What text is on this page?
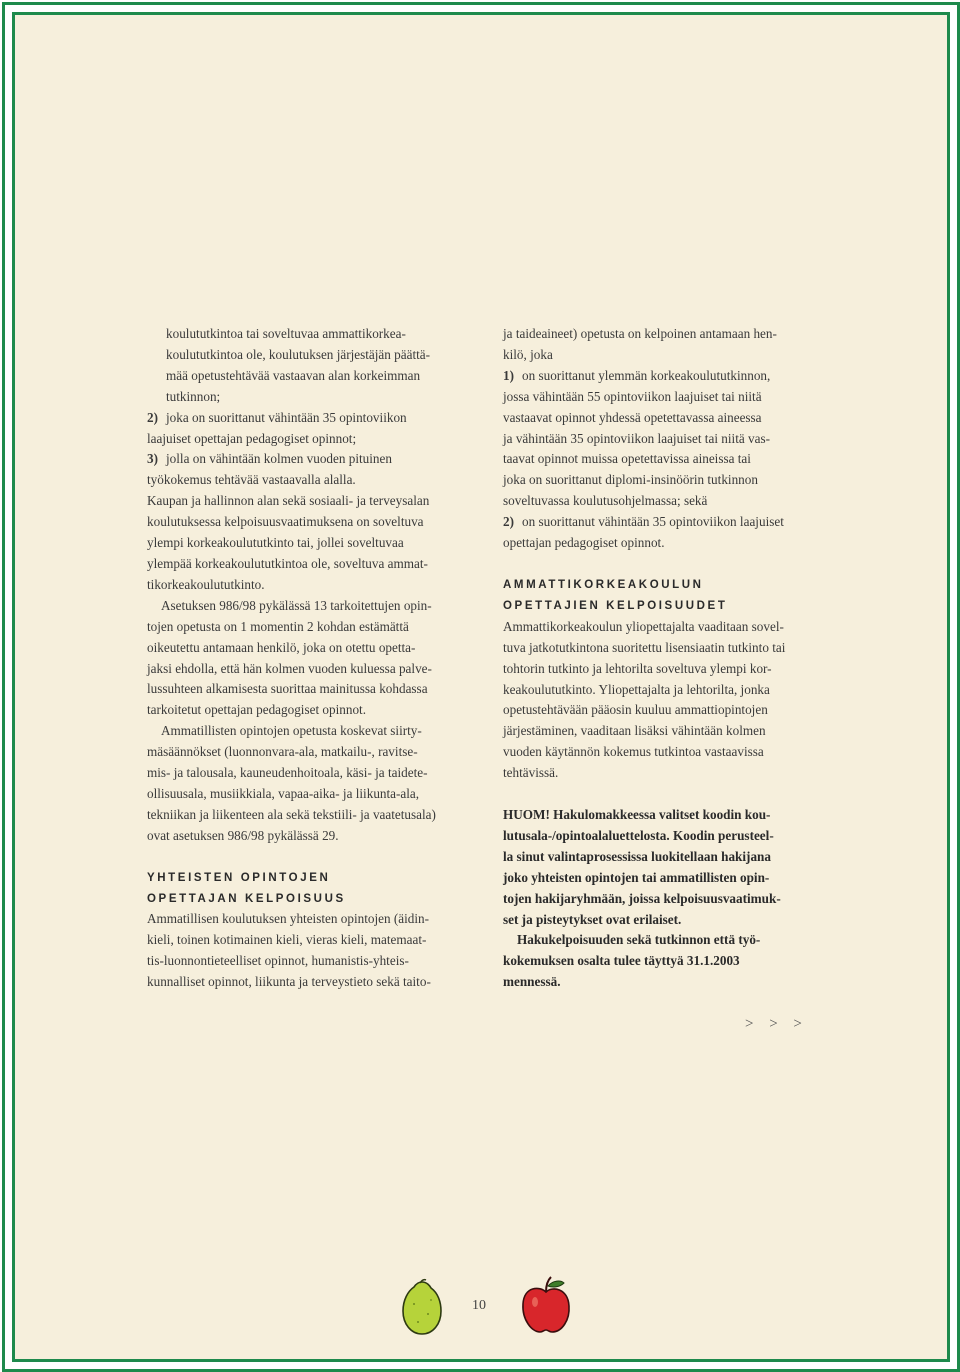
koulututkintoa tai soveltuvaa ammattikorkea-
koulututkintoa ole, koulutuksen järjestäjän päättä-
mää opetustehtävää vastaavan alan korkeimman
tutkinnon;
2) joka on suorittanut vähintään 35 opintoviikon
laajuiset opettajan pedagogiset opinnot;
3) jolla on vähintään kolmen vuoden pituinen
työkokemus tehtävää vastaavalla alalla.
Kaupan ja hallinnon alan sekä sosiaali- ja terveysalan
koulutuksessa kelpoisuusvaatimuksena on soveltuva
ylempi korkeakoulututkinto tai, jollei soveltuvaa
ylempää korkeakoulututkintoa ole, soveltuva ammat-
tikorkeakoulututkinto.
Asetuksen 986/98 pykälässä 13 tarkoitettujen opin-
tojen opetusta on 1 momentin 2 kohdan estämättä
oikeutettu antamaan henkilö, joka on otettu opetta-
jaksi ehdolla, että hän kolmen vuoden kuluessa palve-
lussuhteen alkamisesta suorittaa mainitussa kohdassa
tarkoitetut opettajan pedagogiset opinnot.
Ammatillisten opintojen opetusta koskevat siirty-
mäsäännökset (luonnonvara-ala, matkailu-, ravitse-
mis- ja talousala, kauneudenhoitoala, käsi- ja taidete-
ollisuusala, musiikkiala, vapaa-aika- ja liikunta-ala,
tekniikan ja liikenteen ala sekä tekstiili- ja vaatetusala)
ovat asetuksen 986/98 pykälässä 29.
YHTEISTEN OPINTOJEN
OPETTAJAN KELPOISUUS
Ammatillisen koulutuksen yhteisten opintojen (äidin-
kieli, toinen kotimainen kieli, vieras kieli, matemaat-
tis-luonnontieteelliset opinnot, humanistis-yhteis-
kunnalliset opinnot, liikunta ja terveystieto sekä taito-
ja taideaineet) opetusta on kelpoinen antamaan hen-
kilö, joka
1) on suorittanut ylemmän korkeakoulututkinnon,
jossa vähintään 55 opintoviikon laajuiset tai niitä
vastaavat opinnot yhdessä opetettavassa aineessa
ja vähintään 35 opintoviikon laajuiset tai niitä vas-
taavat opinnot muissa opetettavissa aineissa tai
joka on suorittanut diplomi-insinöörin tutkinnon
soveltuvassa koulutusohjelmassa; sekä
2) on suorittanut vähintään 35 opintoviikon laajuiset
opettajan pedagogiset opinnot.
AMMATTIKORKEAKOULUN
OPETTAJIEN KELPOISUUDET
Ammattikorkeakoulun yliopettajalta vaaditaan sovel-
tuva jatkotutkintona suoritettu lisensiaatin tutkinto tai
tohtorin tutkinto ja lehtorilta soveltuva ylempi kor-
keakoulututkinto. Yliopettajalta ja lehtorilta, jonka
opetustehtävään pääosin kuuluu ammattiopintojen
järjestäminen, vaaditaan lisäksi vähintään kolmen
vuoden käytännön kokemus tutkintoa vastaavissa
tehtävissä.
HUOM! Hakulomakkeessa valitset koodin kou-
lutusala-/opintoalaluettelosta. Koodin perusteel-
la sinut valintaprosessissa luokitellaan hakijana
joko yhteisten opintojen tai ammatillisten opin-
tojen hakijaryhmään, joissa kelpoisuusvaatimuk-
set ja pisteytykset ovat erilaiset.
Hakukelpoisuuden sekä tutkinnon että työ-
kokemuksen osalta tulee täyttyä 31.1.2003
mennessä.
> > >
10
